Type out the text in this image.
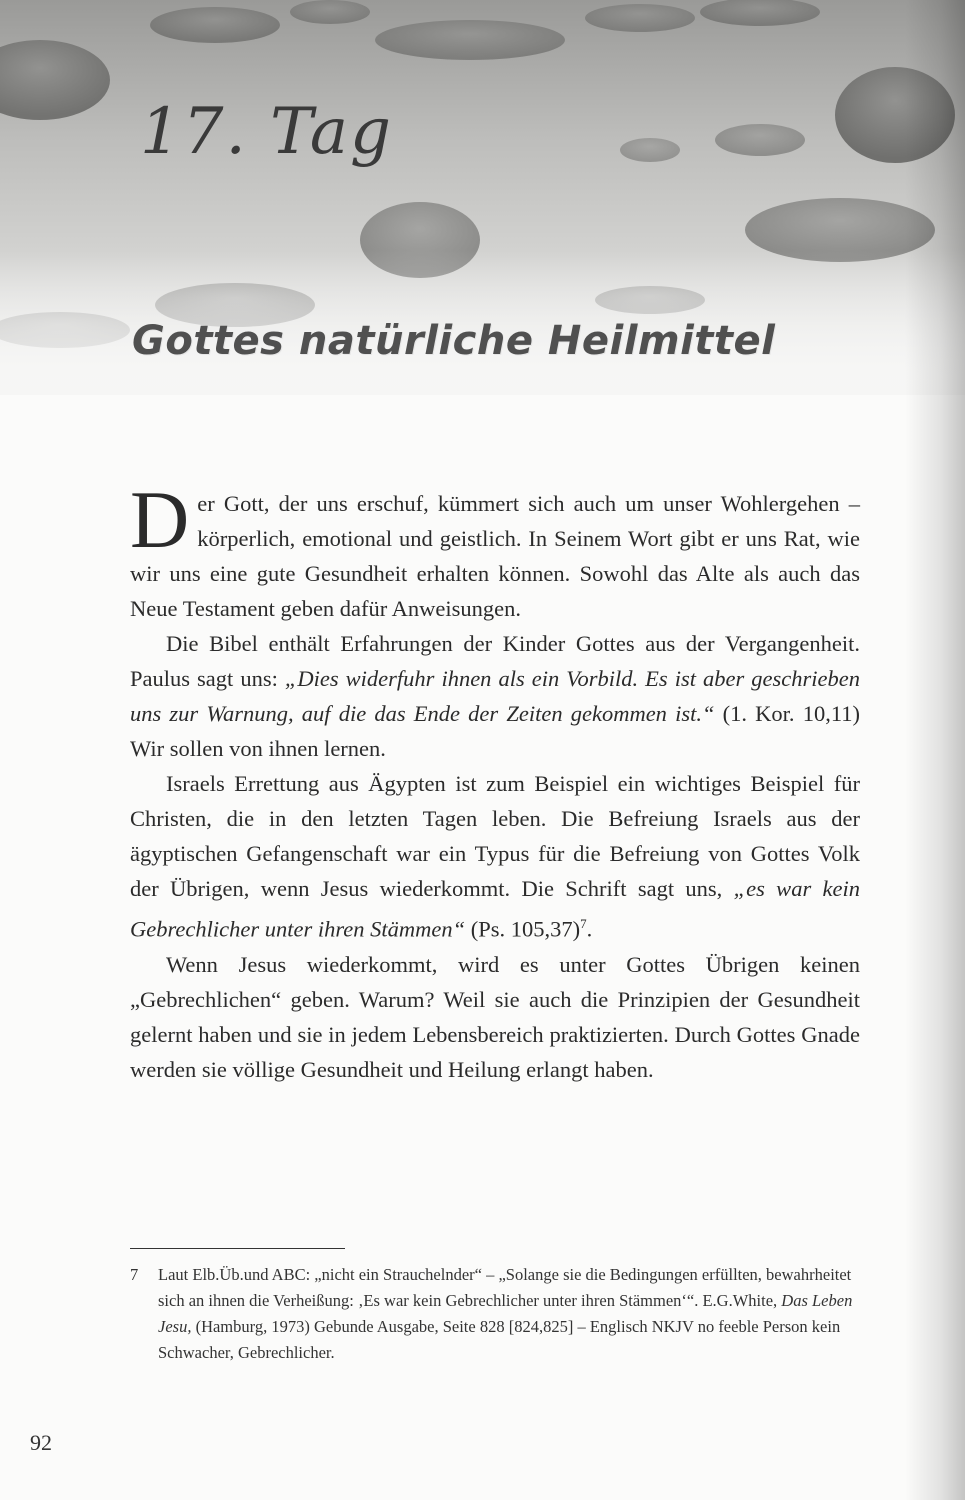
17. Tag
Gottes natürliche Heilmittel

Der Gott, der uns erschuf, kümmert sich auch um unser Wohlergehen – körperlich, emotional und geistlich. In Seinem Wort gibt er uns Rat, wie wir uns eine gute Gesundheit erhalten können. Sowohl das Alte als auch das Neue Testament geben dafür Anweisungen.

Die Bibel enthält Erfahrungen der Kinder Gottes aus der Vergangenheit. Paulus sagt uns: „Dies widerfuhr ihnen als ein Vorbild. Es ist aber geschrieben uns zur Warnung, auf die das Ende der Zeiten gekommen ist.“ (1. Kor. 10,11) Wir sollen von ihnen lernen.

Israels Errettung aus Ägypten ist zum Beispiel ein wichtiges Beispiel für Christen, die in den letzten Tagen leben. Die Befreiung Israels aus der ägyptischen Gefangenschaft war ein Typus für die Befreiung von Gottes Volk der Übrigen, wenn Jesus wiederkommt. Die Schrift sagt uns, „es war kein Gebrechlicher unter ihren Stämmen“ (Ps. 105,37)$^7$.

Wenn Jesus wiederkommt, wird es unter Gottes Übrigen keinen „Gebrechlichen“ geben. Warum? Weil sie auch die Prinzipien der Gesundheit gelernt haben und sie in jedem Lebensbereich praktizierten. Durch Gottes Gnade werden sie völlige Gesundheit und Heilung erlangt haben.

7 Laut Elb.Üb.und ABC: „nicht ein Strauchelnder“ – „Solange sie die Bedingungen erfüllten, bewahrheitet sich an ihnen die Verheißung: ‚Es war kein Gebrechlicher unter ihren Stämmen‘“. E.G.White, Das Leben Jesu, (Hamburg, 1973) Gebunde Ausgabe, Seite 828 [824,825] – Englisch NKJV no feeble Person kein Schwacher, Gebrechlicher.
92
